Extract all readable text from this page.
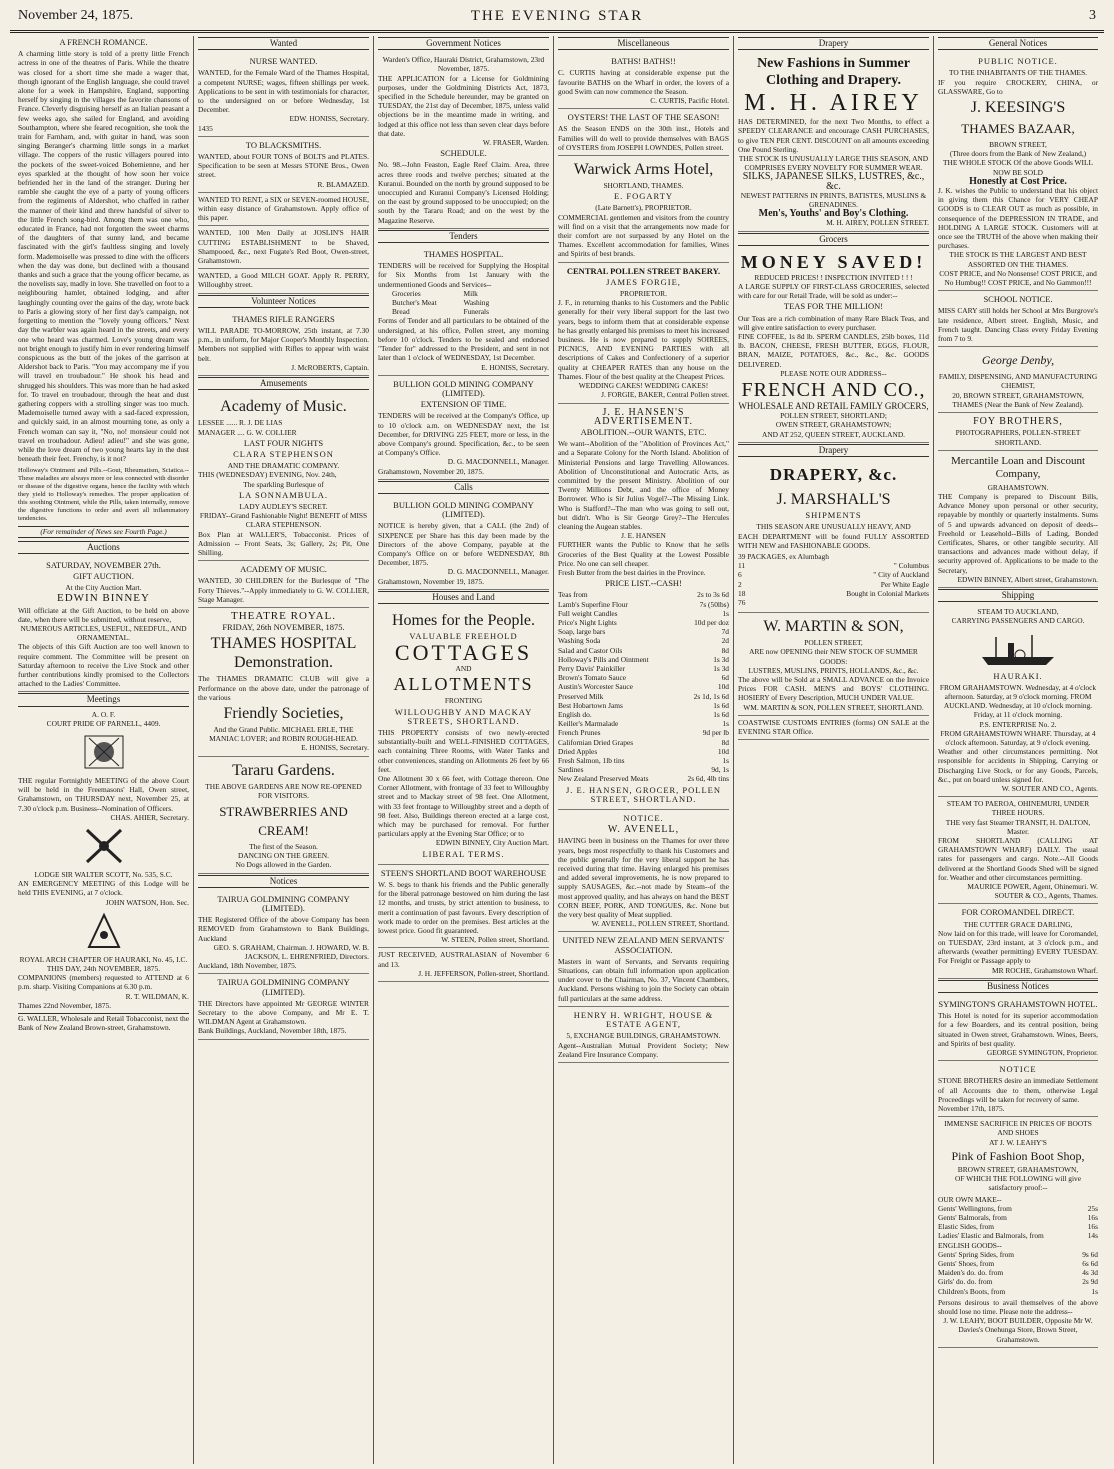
November 24, 1875.	THE EVENING STAR	3
A FRENCH ROMANCE.
A charming little story is told of a pretty little French actress in one of the theatres of Paris. While the theatre was closed for a short time she made a wager that, though ignorant of the English language, she could travel alone for a week in Hampshire, England, supporting herself by singing in the villages the favorite chansons of France. Cleverly disguising herself as an Italian peasant a few weeks ago, she sailed for England, and avoiding Southampton, where she feared recognition, she took the train for Farnham, and, with guitar in hand, was soon singing Beranger's charming little songs in a market village. The coppers of the rustic villagers poured into the pockets of the sweet-voiced Bohemienne, and her eyes sparkled at the thought of how soon her voice befriended her in the land of the stranger. During her ramble she caught the eye of a party of young officers from the regiments of Aldershot, who chaffed in rather the manner of their kind and threw handsful of silver to the little French song-bird. Among them was one who, educated in France, had not forgotten the sweet charms of the daughters of that sunny land, and became fascinated with the girl's faultless singing and lovely form. Mademoiselle was pressed to dine with the officers when the day was done, but declined with a thousand thanks and such a grace that the young officer became, as the novelists say, madly in love. She travelled on foot to a neighbouring hamlet, obtained lodging, and after laughingly counting over the gains of the day, wrote back to Paris a glowing story of her first day's campaign, not forgetting to mention the "lovely young officers." Next day the warbler was again heard in the streets, and every one who heard was charmed. Love's young dream was not bright enough to justify him in ever rendering himself conspicuous as the butt of the jokes of the garrison at Aldershot back to Paris. "You may accompany me if you will travel en troubadour." He shook his head and shrugged his shoulders. This was more than he had asked for. To travel en troubadour, through the heat and dust gathering coppers with a strolling singer was too much. Mademoiselle turned away with a sad-faced expression, and quickly said, in an almost mourning tone, as only a French woman can say it, "No, no! monsieur could not travel en troubadour. Adieu! adieu!" and she was gone, while the love dream of two young hearts lay in the dust beneath their feet. Frenchy, is it not?
Holloway's Ointment and Pills.--Gout, Rheumatism, Sciatica.--These maladies are always more or less connected with disorder or disease of the digestive organs, hence the facility with which they yield to Holloway's remedies. The proper application of this soothing Ointment, while the Pills, taken internally, remove the digestive functions to order and avert all inflammatory tendencies.
(For remainder of News see Fourth Page.)
Auctions
SATURDAY, NOVEMBER 27th.
GIFT AUCTION.
At the City Auction Mart.
EDWIN BINNEY
Will officiate at the Gift Auction, to be held on above date, when there will be submitted, without reserve,
NUMEROUS ARTICLES, USEFUL, NEEDFUL, AND ORNAMENTAL.
The objects of this Gift Auction are too well known to require comment. The Committee will be present on Saturday afternoon to receive the Live Stock and other further contributions kindly promised to the Collectors attached to the Ladies' Committee.
Meetings
A. O. F.
COURT PRIDE OF PARNELL, 4409.
THE regular Fortnightly MEETING of the above Court will be held in the Freemasons' Hall, Owen street, Grahamstown, on THURSDAY next, November 25, at 7.30 o'clock p.m. Business--Nomination of Officers.
CHAS. AHIER, Secretary.
LODGE SIR WALTER SCOTT, No. 535, S.C.
AN EMERGENCY MEETING of this Lodge will be held THIS EVENING, at 7 o'clock.
JOHN WATSON, Hon. Sec.
ROYAL ARCH CHAPTER OF HAURAKI, No. 45, I.C.
THIS DAY, 24th NOVEMBER, 1875.
COMPANIONS (members) requested to ATTEND at 6 p.m. sharp. Visiting Companions at 6.30 p.m.
R. T. WILDMAN, K.
Thames 22nd November, 1875.
G. WALLER, Wholesale and Retail Tobacconist, next the Bank of New Zealand Brown-street, Grahamstown.
Wanted
NURSE WANTED.
WANTED, for the Female Ward of the Thames Hospital, a competent NURSE; wages, fifteen shillings per week. Applications to be sent in with testimonials for character, to the undersigned on or before Wednesday, 1st December.
EDW. HONISS, Secretary.
1435
TO BLACKSMITHS.
WANTED, about FOUR TONS of BOLTS and PLATES. Specification to be seen at Messrs STONE Bros., Owen street.
R. BLAMAZED.
WANTED TO RENT, a SIX or SEVEN-roomed HOUSE, within easy distance of Grahamstown. Apply office of this paper.
WANTED, 100 Men Daily at JOSLIN'S HAIR CUTTING ESTABLISHMENT to be Shaved, Shampooed, &c., next Fugate's Red Boot, Owen-street, Grahamstown.
WANTED, a Good MILCH GOAT. Apply R. PERRY, Willoughby street.
Volunteer Notices
THAMES RIFLE RANGERS
WILL PARADE TO-MORROW, 25th instant, at 7.30 p.m., in uniform, for Major Cooper's Monthly Inspection. Members not supplied with Rifles to appear with waist belt.
J. McROBERTS, Captain.
Amusements
Academy of Music.
LESSEE ...... R. J. DE LIAS
MANAGER .... G. W. COLLIER
LAST FOUR NIGHTS
CLARA STEPHENSON
AND THE DRAMATIC COMPANY.
THIS (WEDNESDAY) EVENING, Nov. 24th,
The sparkling Burlesque of
LA SONNAMBULA.
LADY AUDLEY'S SECRET.
FRIDAY--Grand Fashionable Night! BENEFIT of MISS CLARA STEPHENSON.
Box Plan at WALLER'S, Tobacconist. Prices of Admission -- Front Seats, 3s; Gallery, 2s; Pit, One Shilling.
ACADEMY OF MUSIC.
WANTED, 30 CHILDREN for the Burlesque of "The Forty Thieves."--Apply immediately to G. W. COLLIER, Stage Manager.
THEATRE ROYAL.
FRIDAY, 26th NOVEMBER, 1875.
THAMES HOSPITAL Demonstration.
The THAMES DRAMATIC CLUB will give a Performance on the above date, under the patronage of the various
Friendly Societies,
And the Grand Public. MICHAEL ERLE, THE MANIAC LOVER; and ROBIN ROUGH-HEAD.
E. HONISS, Secretary.
Tararu Gardens.
THE ABOVE GARDENS ARE NOW RE-OPENED FOR VISITORS.
STRAWBERRIES AND CREAM!
The first of the Season.
DANCING ON THE GREEN.
No Dogs allowed in the Garden.
Notices
TAIRUA GOLDMINING COMPANY (LIMITED).
THE Registered Office of the above Company has been REMOVED from Grahamstown to Bank Buildings, Auckland
GEO. S. GRAHAM, Chairman. J. HOWARD, W. B. JACKSON, L. EHRENFRIED, Directors.
Auckland, 18th November, 1875.
TAIRUA GOLDMINING COMPANY (LIMITED).
THE Directors have appointed Mr GEORGE WINTER Secretary to the above Company, and Mr E. T. WILDMAN Agent at Grahamstown.
Bank Buildings, Auckland, November 18th, 1875.
Government Notices
Warden's Office, Hauraki District, Grahamstown, 23rd November, 1875.
THE APPLICATION for a License for Goldmining purposes, under the Goldmining Districts Act, 1873, specified in the Schedule hereunder, may be granted on TUESDAY, the 21st day of December, 1875, unless valid objections be in the meantime made in writing, and lodged at this office not less than seven clear days before that date.
W. FRASER, Warden.
SCHEDULE.
No. 98.--John Feaston, Eagle Reef Claim. Area, three acres three roods and twelve perches; situated at the Kuranui. Bounded on the north by ground supposed to be unoccupied and Kuranui Company's Licensed Holding; on the east by ground supposed to be unoccupied; on the south by the Tararu Road; and on the west by the Magazine Reserve.
Tenders
THAMES HOSPITAL.
TENDERS will be received for Supplying the Hospital for Six Months from 1st January with the undermentioned Goods and Services--
Groceries	Milk
Butcher's Meat	Washing
Bread	Funerals
Forms of Tender and all particulars to be obtained of the undersigned, at his office, Pollen street, any morning before 10 o'clock. Tenders to be sealed and endorsed "Tender for" addressed to the President, and sent in not later than 1 o'clock of WEDNESDAY, 1st December.
E. HONISS, Secretary.
BULLION GOLD MINING COMPANY (LIMITED).
EXTENSION OF TIME.
TENDERS will be received at the Company's Office, up to 10 o'clock a.m. on WEDNESDAY next, the 1st December, for DRIVING 225 FEET, more or less, in the above Company's ground. Specification, &c., to be seen at Company's Office.
D. G. MACDONNELL, Manager.
Grahamstown, November 20, 1875.
Calls
BULLION GOLD MINING COMPANY (LIMITED).
NOTICE is hereby given, that a CALL (the 2nd) of SIXPENCE per Share has this day been made by the Directors of the above Company, payable at the Company's Office on or before WEDNESDAY, 8th December, 1875.
D. G. MACDONNELL, Manager.
Grahamstown, November 19, 1875.
Houses and Land
Homes for the People.
VALUABLE FREEHOLD
COTTAGES
AND
ALLOTMENTS
FRONTING
WILLOUGHBY AND MACKAY STREETS, SHORTLAND.
THIS PROPERTY consists of two newly-erected substantially-built and WELL-FINISHED COTTAGES, each containing Three Rooms, with Water Tanks and other conveniences, standing on Allotments 26 feet by 66 feet.
One Allotment 30 x 66 feet, with Cottage thereon. One Corner Allotment, with frontage of 33 feet to Willoughby street and to Mackay street of 98 feet. One Allotment, with 33 feet frontage to Willoughby street and a depth of 98 feet. Also, Buildings thereon erected at a large cost, which may be purchased for removal. For further particulars apply at the Evening Star Office; or to
EDWIN BINNEY, City Auction Mart.
LIBERAL TERMS.
STEEN'S SHORTLAND BOOT WAREHOUSE
W. S. begs to thank his friends and the Public generally for the liberal patronage bestowed on him during the last 12 months, and trusts, by strict attention to business, to merit a continuation of past favours. Every description of work made to order on the premises. Best articles at the lowest price. Good fit guaranteed.
W. STEEN, Pollen street, Shortland.
JUST RECEIVED, AUSTRALASIAN of November 6 and 13.
J. H. JEFFERSON, Pollen-street, Shortland.
Miscellaneous
BATHS! BATHS!!
C. CURTIS having at considerable expense put the favourite BATHS on the Wharf in order, the lovers of a good Swim can now commence the Season.
C. CURTIS, Pacific Hotel.
OYSTERS! THE LAST OF THE SEASON!
AS the Season ENDS on the 30th inst., Hotels and Families will do well to provide themselves with BAGS of OYSTERS from JOSEPH LOWNDES, Pollen street.
Warwick Arms Hotel,
SHORTLAND, THAMES.
E. FOGARTY
(Late Barnett's), PROPRIETOR.
COMMERCIAL gentlemen and visitors from the country will find on a visit that the arrangements now made for their comfort are not surpassed by any Hotel on the Thames. Excellent accommodation for families, Wines and Spirits of best brands.
CENTRAL POLLEN STREET BAKERY.
JAMES FORGIE,
PROPRIETOR.
J. F., in returning thanks to his Customers and the Public generally for their very liberal support for the last two years, begs to inform them that at considerable expense he has greatly enlarged his premises to meet his increased business. He is now prepared to supply SOIREES, PICNICS, AND EVENING PARTIES with all descriptions of Cakes and Confectionery of a superior quality at CHEAPER RATES than any house on the Thames. Flour of the best quality at the Cheapest Prices.
WEDDING CAKES! WEDDING CAKES!
J. FORGIE, BAKER, Central Pollen street.
J. E. HANSEN'S ADVERTISEMENT.
ABOLITION.--OUR WANTS, ETC.
We want--Abolition of the "Abolition of Provinces Act," and a Separate Colony for the North Island. Abolition of Ministerial Pensions and large Travelling Allowances. Abolition of Unconstitutional and Autocratic Acts, as committed by the present Ministry. Abolition of our Twenty Millions Debt, and the office of Money Borrower. Who is Sir Julius Vogel?--The Missing Link. Who is Stafford?--The man who was going to sell out, but didn't. Who is Sir George Grey?--The Hercules cleaning the Augean stables.
J. E. HANSEN
FURTHER wants the Public to Know that he sells Groceries of the Best Quality at the Lowest Possible Price. No one can sell cheaper.
Fresh Butter from the best dairies in the Province.
PRICE LIST.--CASH!
Teas from	2s to 3s 6d
Lamb's Superfine Flour	7s (50lbs)
Full weight Candles	1s
Price's Night Lights	10d per doz
Soap, large bars	7d
Washing Soda	2d
Salad and Castor Oils	8d
Holloway's Pills and Ointment	1s 3d
Perry Davis' Painkiller	1s 3d
Brown's Tomato Sauce	6d
Austin's Worcester Sauce	10d
Preserved Milk	2s 1d, 1s 6d
Best Hobartown Jams	1s 6d
English do.	1s 6d
Keiller's Marmalade	1s
French Prunes	9d per lb
Californian Dried Grapes	8d
Dried Apples	10d
Fresh Salmon, 1lb tins	1s
Sardines	9d, 1s
New Zealand Preserved Meats	2s 6d, 4lb tins
J. E. HANSEN, GROCER, POLLEN STREET, SHORTLAND.
NOTICE.
W. AVENELL,
HAVING been in business on the Thames for over three years, begs most respectfully to thank his Customers and the public generally for the very liberal support he has received during that time. Having enlarged his premises and added several improvements, he is now prepared to supply SAUSAGES, &c.--not made by Steam--of the most approved quality, and has always on hand the BEST CORN BEEF, PORK, AND TONGUES, &c. None but the very best quality of Meat supplied.
W. AVENELL, POLLEN STREET, Shortland.
UNITED NEW ZEALAND MEN SERVANTS' ASSOCIATION.
Masters in want of Servants, and Servants requiring Situations, can obtain full information upon application under cover to the Chairman, No. 37, Vincent Chambers, Auckland. Persons wishing to join the Society can obtain full particulars at the same address.
HENRY H. WRIGHT, HOUSE & ESTATE AGENT,
5, EXCHANGE BUILDINGS, GRAHAMSTOWN.
Agent--Australian Mutual Provident Society; New Zealand Fire Insurance Company.
Drapery
New Fashions in Summer Clothing and Drapery.
M. H. AIREY
HAS DETERMINED, for the next Two Months, to effect a SPEEDY CLEARANCE and encourage CASH PURCHASES, to give TEN PER CENT. DISCOUNT on all amounts exceeding One Pound Sterling.
THE STOCK IS UNUSUALLY LARGE THIS SEASON, AND COMPRISES EVERY NOVELTY FOR SUMMER WEAR.
SILKS, JAPANESE SILKS, LUSTRES, &c., &c.
NEWEST PATTERNS IN PRINTS, BATISTES, MUSLINS & GRENADINES.
Men's, Youths' and Boy's Clothing.
M. H. AIREY, POLLEN STREET.
Grocers
MONEY SAVED!
REDUCED PRICES! ! INSPECTION INVITED ! ! !
A LARGE SUPPLY OF FIRST-CLASS GROCERIES, selected with care for our Retail Trade, will be sold as under:--
TEAS FOR THE MILLION!
Our Teas are a rich combination of many Rare Black Teas, and will give entire satisfaction to every purchaser.
FINE COFFEE, 1s 8d lb. SPERM CANDLES, 25lb boxes, 11d lb. BACON, CHEESE, FRESH BUTTER, EGGS, FLOUR, BRAN, MAIZE, POTATOES, &c., &c., &c. GOODS DELIVERED.
PLEASE NOTE OUR ADDRESS--
FRENCH AND CO.,
WHOLESALE AND RETAIL FAMILY GROCERS,
POLLEN STREET, SHORTLAND;
OWEN STREET, GRAHAMSTOWN;
AND AT 252, QUEEN STREET, AUCKLAND.
Drapery
DRAPERY, &c.
J. MARSHALL'S
SHIPMENTS
THIS SEASON ARE UNUSUALLY HEAVY, AND
EACH DEPARTMENT will be found FULLY ASSORTED WITH NEW and FASHIONABLE GOODS.
39 PACKAGES, ex Alumbagh
11	" Columbus
6	" City of Auckland
2	Per White Eagle
18	Bought in Colonial Markets
76
W. MARTIN & SON,
POLLEN STREET,
ARE now OPENING their NEW STOCK OF SUMMER GOODS:
LUSTRES, MUSLINS, PRINTS, HOLLANDS, &c., &c.
The above will be Sold at a SMALL ADVANCE on the Invoice Prices FOR CASH. MEN'S and BOYS' CLOTHING. HOSIERY of Every Description, MUCH UNDER VALUE.
WM. MARTIN & SON, POLLEN STREET, SHORTLAND.
COASTWISE CUSTOMS ENTRIES (forms) ON SALE at the EVENING STAR Office.
General Notices
PUBLIC NOTICE.
TO THE INHABITANTS OF THE THAMES.
IF you require CROCKERY, CHINA, or GLASSWARE, Go to
J. KEESING'S
THAMES BAZAAR,
BROWN STREET,
(Three doors from the Bank of New Zealand,)
THE WHOLE STOCK Of the above Goods WILL NOW BE SOLD
Honestly at Cost Price.
J. K. wishes the Public to understand that his object in giving them this Chance for VERY CHEAP GOODS is to CLEAR OUT as much as possible, in consequence of the DEPRESSION IN TRADE, and HOLDING A LARGE STOCK. Customers will at once see the TRUTH of the above when making their purchases.
THE STOCK IS THE LARGEST AND BEST ASSORTED ON THE THAMES.
COST PRICE, and No Nonsense! COST PRICE, and No Humbug!! COST PRICE, and No Gammon!!!
SCHOOL NOTICE.
MISS CARY still holds her School at Mrs Burgrove's late residence, Albert street. English, Music, and French taught. Dancing Class every Friday Evening from 7 to 9.
George Denby,
FAMILY, DISPENSING, AND MANUFACTURING CHEMIST,
20, BROWN STREET, GRAHAMSTOWN, THAMES (Near the Bank of New Zealand).
FOY BROTHERS,
PHOTOGRAPHERS, POLLEN-STREET SHORTLAND.
Mercantile Loan and Discount Company,
GRAHAMSTOWN.
THE Company is prepared to Discount Bills, Advance Money upon personal or other security, repayable by monthly or quarterly instalments. Sums of 5 and upwards advanced on deposit of deeds--Freehold or Leasehold--Bills of Lading, Bonded Certificates, Shares, or other tangible security. All transactions and advances made without delay, if security approved of. Applications to be made to the Secretary,
EDWIN BINNEY, Albert street, Grahamstown.
Shipping
STEAM TO AUCKLAND,
CARRYING PASSENGERS AND CARGO.
HAURAKI.
FROM GRAHAMSTOWN. Wednesday, at 4 o'clock afternoon. Saturday, at 9 o'clock morning. FROM AUCKLAND. Wednesday, at 10 o'clock morning. Friday, at 11 o'clock morning.
P.S. ENTERPRISE No. 2.
FROM GRAHAMSTOWN WHARF. Thursday, at 4 o'clock afternoon. Saturday, at 9 o'clock evening.
Weather and other circumstances permitting. Not responsible for accidents in Shipping, Carrying or Discharging Live Stock, or for any Goods, Parcels, &c., put on board unless signed for.
W. SOUTER AND CO., Agents.
STEAM TO PAEROA, OHINEMURI, UNDER THREE HOURS.
THE very fast Steamer TRANSIT, H. DALTON, Master.
FROM SHORTLAND (CALLING AT GRAHAMSTOWN WHARF) DAILY. The usual rates for passengers and cargo. Note.--All Goods delivered at the Shortland Goods Shed will be signed for. Weather and other circumstances permitting.
MAURICE POWER, Agent, Ohinemuri. W. SOUTER & CO., Agents, Thames.
FOR COROMANDEL DIRECT.
THE CUTTER GRACE DARLING,
Now laid on for this trade, will leave for Coromandel, on TUESDAY, 23rd instant, at 3 o'clock p.m., and afterwards (weather permitting) EVERY TUESDAY. For Freight or Passage apply to
MR ROCHE, Grahamstown Wharf.
Business Notices
SYMINGTON'S GRAHAMSTOWN HOTEL.
This Hotel is noted for its superior accommodation for a few Boarders, and its central position, being situated in Owen street, Grahamstown. Wines, Beers, and Spirits of best quality.
GEORGE SYMINGTON, Proprietor.
NOTICE
STONE BROTHERS desire an immediate Settlement of all Accounts due to them, otherwise Legal Proceedings will be taken for recovery of same.
November 17th, 1875.
IMMENSE SACRIFICE IN PRICES OF BOOTS AND SHOES
AT J. W. LEAHY'S
Pink of Fashion Boot Shop,
BROWN STREET, GRAHAMSTOWN,
OF WHICH THE FOLLOWING will give satisfactory proof:--
OUR OWN MAKE--
Gents' Wellingtons, from	25s
Gents' Balmorals, from	16s
Elastic Sides, from	16s
Ladies' Elastic and Balmorals, from	14s
ENGLISH GOODS--
Gents' Spring Sides, from	9s 6d
Gents' Shoes, from	6s 6d
Maiden's do. do. from	4s 3d
Girls' do. do. from	2s 9d
Children's Boots, from	1s
Persons desirous to avail themselves of the above should lose no time. Please note the address--
J. W. LEAHY, BOOT BUILDER, Opposite Mr W. Davies's Onehunga Store, Brown Street, Grahamstown.
